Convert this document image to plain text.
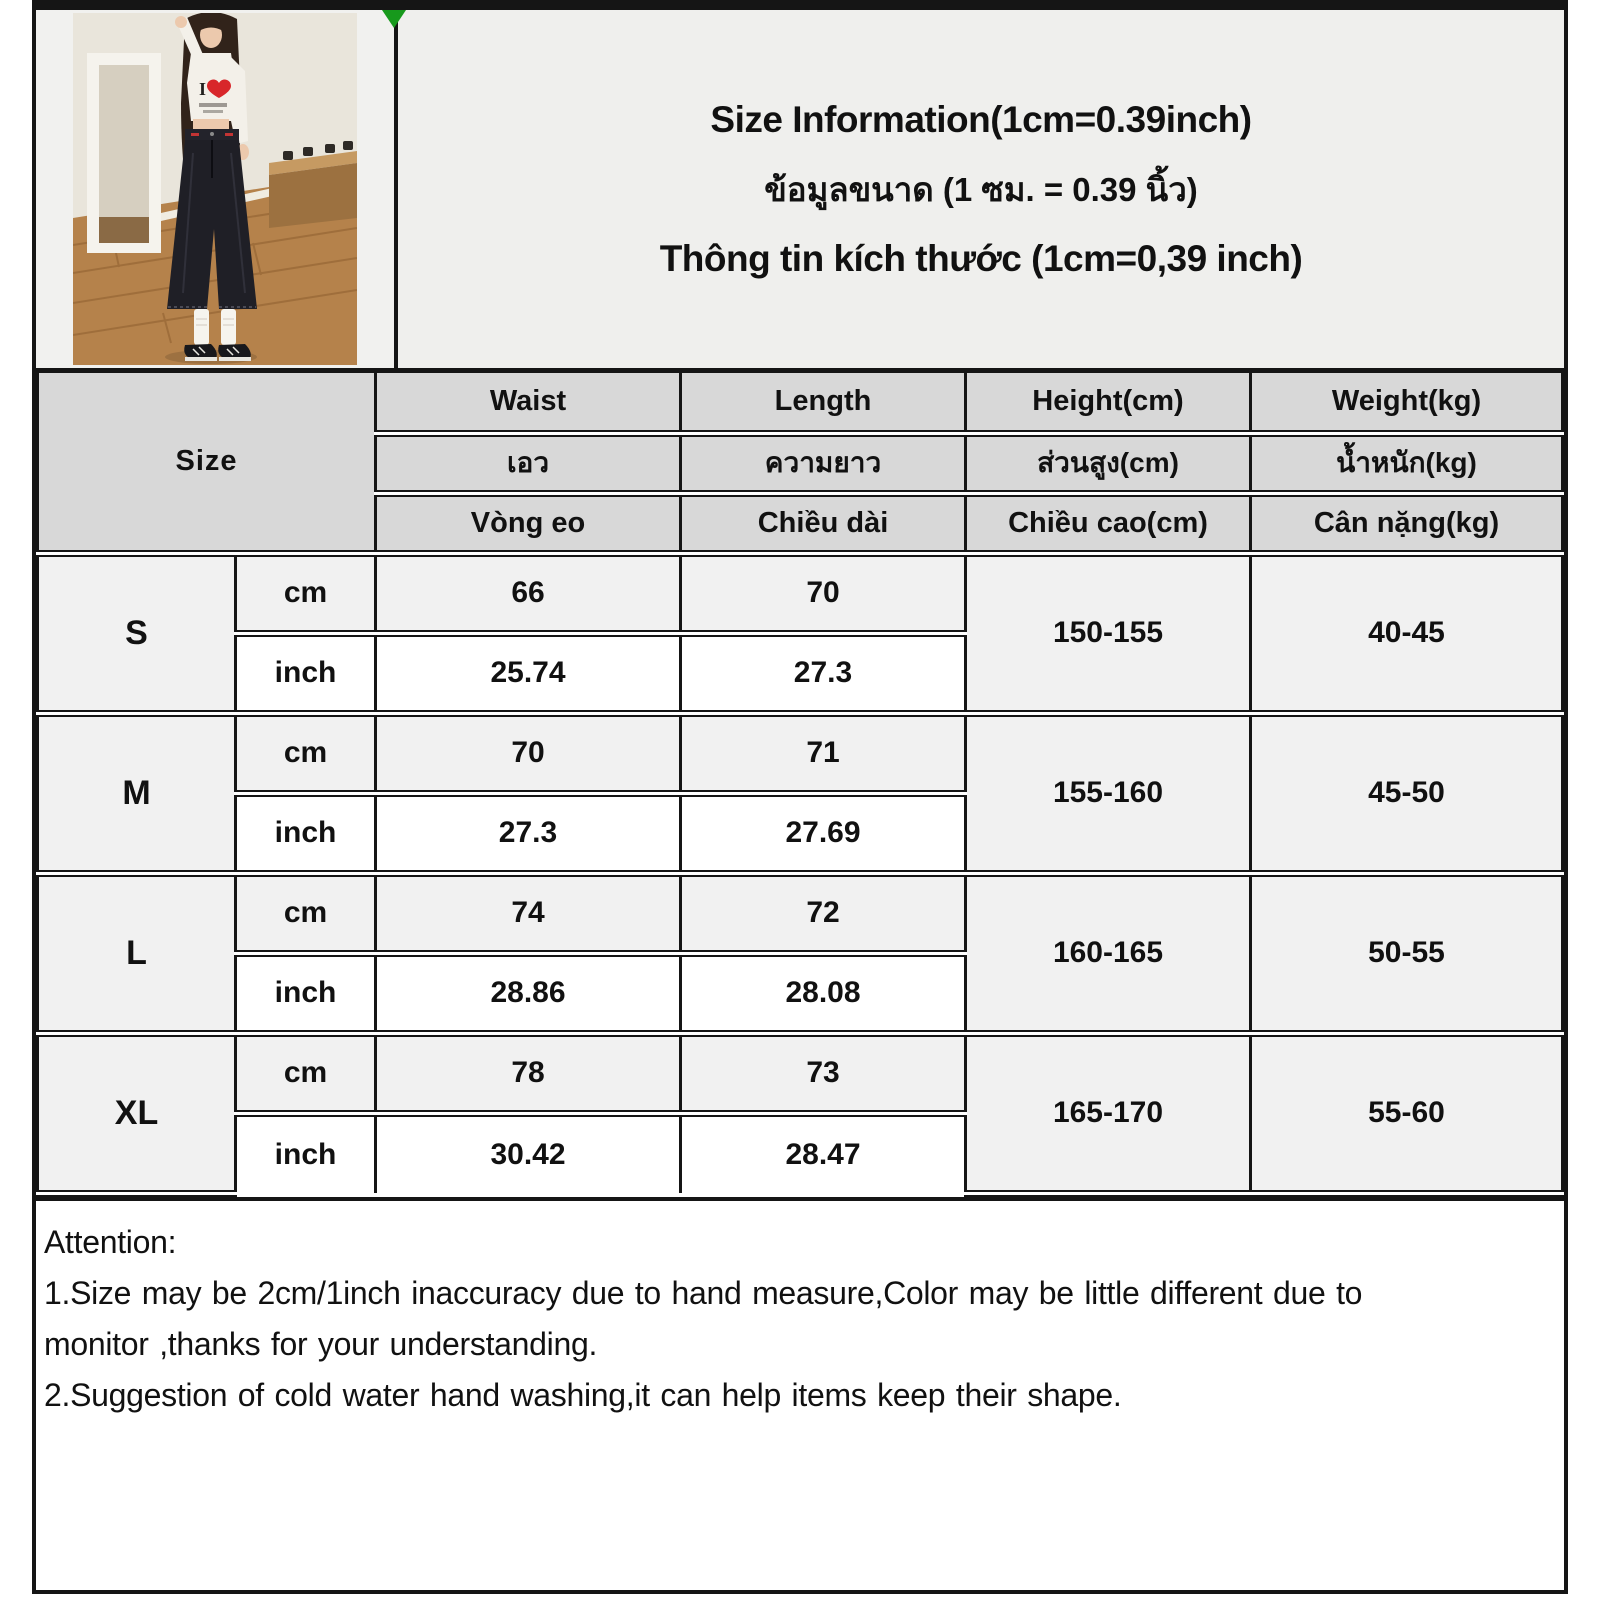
I
Size Information(1cm=0.39inch)
ข้อมูลขนาด (1 ซม. = 0.39 นิ้ว)
Thông tin kích thước (1cm=0,39 inch)
Size		Waist	Length	Height(cm)	Weight(kg)
		เอว	ความยาว	ส่วนสูง(cm)	น้ำหนัก(kg)
		Vòng eo	Chiều dài	Chiều cao(cm)	Cân nặng(kg)
S	cm	66	70	150-155	40-45
	inch	25.74	27.3		
M	cm	70	71	155-160	45-50
	inch	27.3	27.69		
L	cm	74	72	160-165	50-55
	inch	28.86	28.08		
XL	cm	78	73	165-170	55-60
	inch	30.42	28.47		
Attention:
1.Size may be 2cm/1inch inaccuracy due to hand measure,Color may be little different due to monitor ,thanks for your understanding.
2.Suggestion of cold water hand washing,it can help items keep their shape.
